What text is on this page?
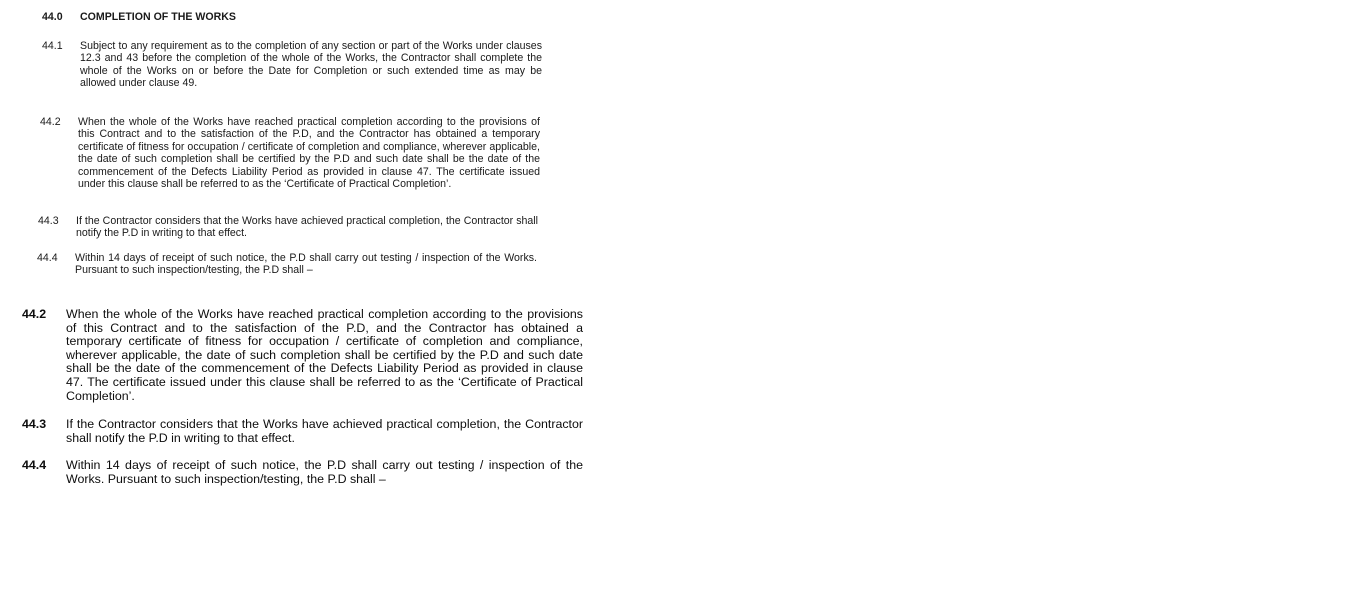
44.0 COMPLETION OF THE WORKS
44.1 Subject to any requirement as to the completion of any section or part of the Works under clauses 12.3 and 43 before the completion of the whole of the Works, the Contractor shall complete the whole of the Works on or before the Date for Completion or such extended time as may be allowed under clause 49.
44.2 When the whole of the Works have reached practical completion according to the provisions of this Contract and to the satisfaction of the P.D, and the Contractor has obtained a temporary certificate of fitness for occupation / certificate of completion and compliance, wherever applicable, the date of such completion shall be certified by the P.D and such date shall be the date of the commencement of the Defects Liability Period as provided in clause 47. The certificate issued under this clause shall be referred to as the ‘Certificate of Practical Completion’.
44.3 If the Contractor considers that the Works have achieved practical completion, the Contractor shall notify the P.D in writing to that effect.
44.4 Within 14 days of receipt of such notice, the P.D shall carry out testing / inspection of the Works. Pursuant to such inspection/testing, the P.D shall –
44.2 When the whole of the Works have reached practical completion according to the provisions of this Contract and to the satisfaction of the P.D, and the Contractor has obtained a temporary certificate of fitness for occupation / certificate of completion and compliance, wherever applicable, the date of such completion shall be certified by the P.D and such date shall be the date of the commencement of the Defects Liability Period as provided in clause 47. The certificate issued under this clause shall be referred to as the ‘Certificate of Practical Completion’.
44.3 If the Contractor considers that the Works have achieved practical completion, the Contractor shall notify the P.D in writing to that effect.
44.4 Within 14 days of receipt of such notice, the P.D shall carry out testing / inspection of the Works. Pursuant to such inspection/testing, the P.D shall –
